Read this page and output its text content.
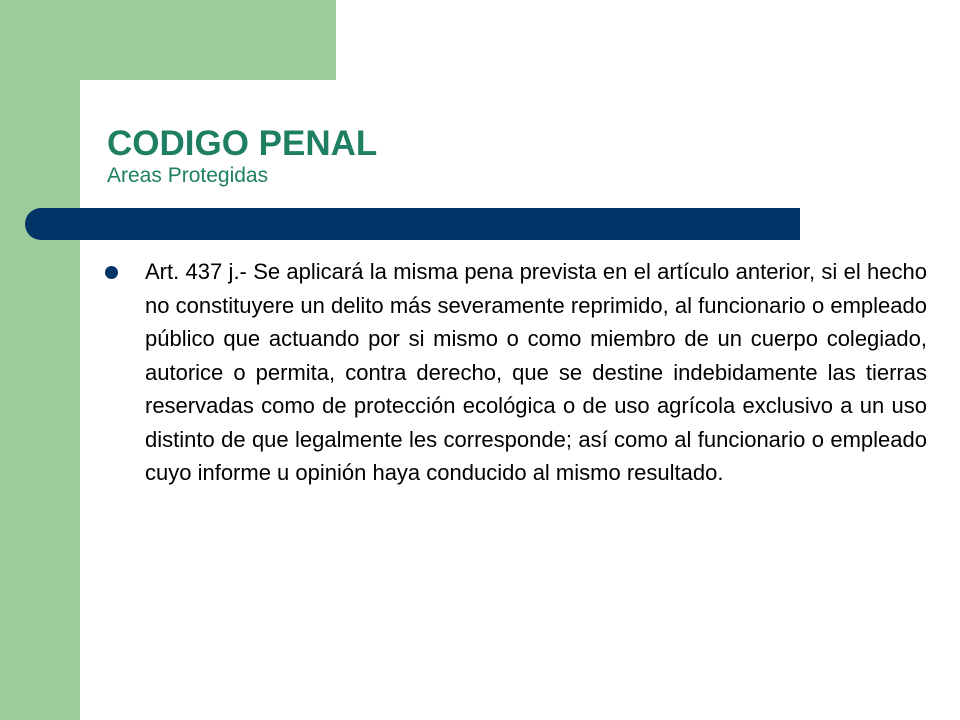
CODIGO PENAL

Areas Protegidas

Art. 437 j.- Se aplicará la misma pena prevista en el artículo anterior, si el hecho no constituyere un delito más severamente reprimido, al funcionario o empleado público que actuando por si mismo o como miembro de un cuerpo colegiado, autorice o permita, contra derecho, que se destine indebidamente las tierras reservadas como de protección ecológica o de uso agrícola exclusivo a un uso distinto de que legalmente les corresponde; así como al funcionario o empleado cuyo informe u opinión haya conducido al mismo resultado.
